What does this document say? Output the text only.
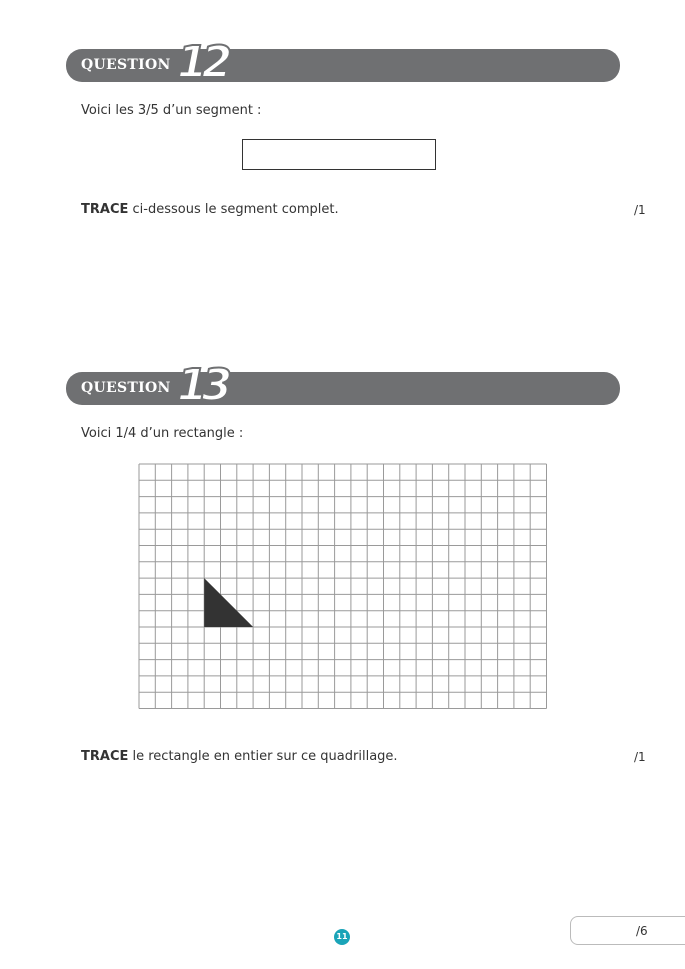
QUESTION 12
Voici les 3/5 d’un segment :
TRACE ci-dessous le segment complet.	/1
QUESTION 13
Voici 1/4 d’un rectangle :
TRACE le rectangle en entier sur ce quadrillage.	/1
11	/6
